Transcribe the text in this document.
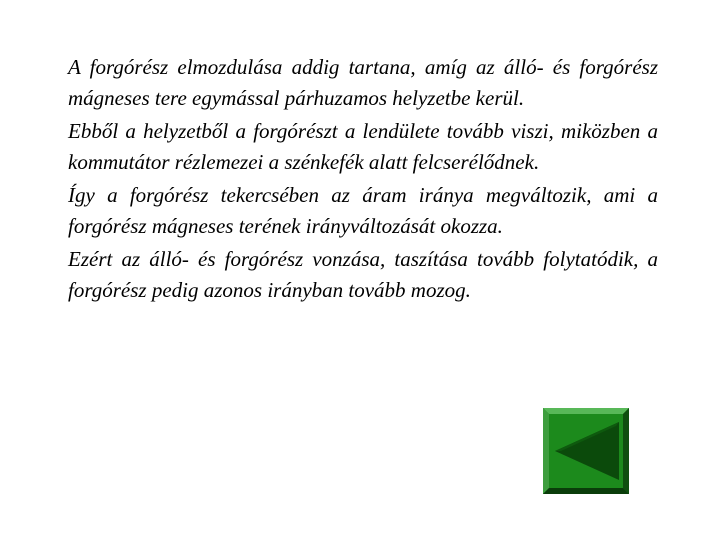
A forgórész elmozdulása addig tartana, amíg az álló- és forgórész mágneses tere egymással párhuzamos helyzetbe kerül.

Ebből a helyzetből a forgórészt a lendülete tovább viszi, miközben a kommutátor rézlemezei a szénkefék alatt felcserélődnek.

Így a forgórész tekercsében az áram iránya megváltozik, ami a forgórész mágneses terének irányváltozását okozza.

Ezért az álló- és forgórész vonzása, taszítása tovább folytatódik, a forgórész pedig azonos irányban tovább mozog.
